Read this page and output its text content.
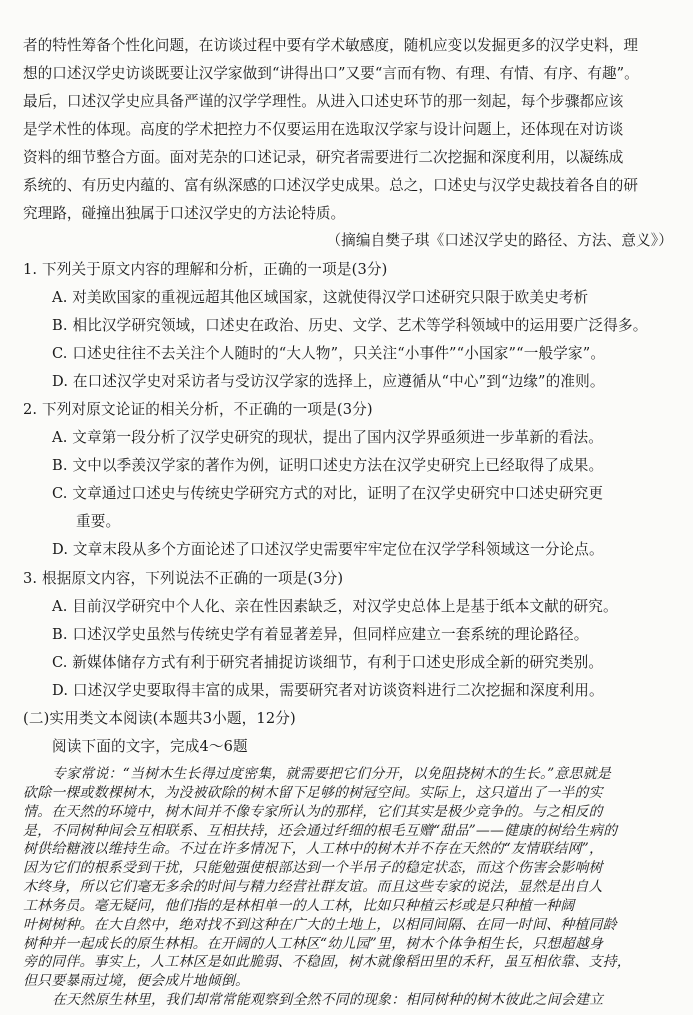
者的特性筹备个性化问题，在访谈过程中要有学术敏感度，随机应变以发掘更多的汉学史料，理
想的口述汉学史访谈既要让汉学家做到“讲得出口”又要“言而有物、有理、有情、有序、有趣”。
最后，口述汉学史应具备严谨的汉学学理性。从进入口述史环节的那一刻起，每个步骤都应该
是学术性的体现。高度的学术把控力不仅要运用在选取汉学家与设计问题上，还体现在对访谈
资料的细节整合方面。面对芜杂的口述记录，研究者需要进行二次挖掘和深度利用，以凝练成
系统的、有历史内蕴的、富有纵深感的口述汉学史成果。总之，口述史与汉学史裁技着各自的研
究理路，碰撞出独属于口述汉学史的方法论特质。
（摘编自樊子琪《口述汉学史的路径、方法、意义》）
1. 下列关于原文内容的理解和分析，正确的一项是(3分)
A. 对美欧国家的重视远超其他区域国家，这就使得汉学口述研究只限于欧美史考析
B. 相比汉学研究领域，口述史在政治、历史、文学、艺术等学科领域中的运用要广泛得多。
C. 口述史往往不去关注个人随时的“大人物”，只关注“小事件”“小国家”“一般学家”。
D. 在口述汉学史对采访者与受访汉学家的选择上，应遵循从“中心”到“边缘”的准则。
2. 下列对原文论证的相关分析，不正确的一项是(3分)
A. 文章第一段分析了汉学史研究的现状，提出了国内汉学界亟须进一步革新的看法。
B. 文中以季羡汉学家的著作为例，证明口述史方法在汉学史研究上已经取得了成果。
C. 文章通过口述史与传统史学研究方式的对比，证明了在汉学史研究中口述史研究更
重要。
D. 文章末段从多个方面论述了口述汉学史需要牢牢定位在汉学学科领域这一分论点。
3. 根据原文内容，下列说法不正确的一项是(3分)
A. 目前汉学研究中个人化、亲在性因素缺乏，对汉学史总体上是基于纸本文献的研究。
B. 口述汉学史虽然与传统史学有着显著差异，但同样应建立一套系统的理论路径。
C. 新媒体储存方式有利于研究者捕捉访谈细节，有利于口述史形成全新的研究类别。
D. 口述汉学史要取得丰富的成果，需要研究者对访谈资料进行二次挖掘和深度利用。
(二)实用类文本阅读(本题共3小题，12分)
阅读下面的文字，完成4～6题
专家常说：“当树木生长得过度密集，就需要把它们分开，以免阻挠树木的生长。”意思就是
砍除一棵或数棵树木，为没被砍除的树木留下足够的树冠空间。实际上，这只道出了一半的实
情。在天然的环境中，树木间并不像专家所认为的那样，它们其实是极少竞争的。与之相反的
是，不同树种间会互相联系、互相扶持，还会通过纤细的根毛互赠“甜品”——健康的树给生病的
树供给糖液以维持生命。不过在许多情况下，人工林中的树木并不存在天然的“友情联结网”，
因为它们的根系受到干扰，只能勉强使根部达到一个半吊子的稳定状态，而这个伤害会影响树
木终身，所以它们毫无多余的时间与精力经营社群友谊。而且这些专家的说法，显然是出自人
工林务员。毫无疑问，他们指的是林相单一的人工林，比如只种植云杉或是只种植一种阔
叶树树种。在大自然中，绝对找不到这种在广大的土地上，以相同间隔、在同一时间、种植同龄
树种并一起成长的原生林相。在开阔的人工林区“幼儿园”里，树木个体争相生长，只想超越身
旁的同伴。事实上，人工林区是如此脆弱、不稳固，树木就像稻田里的禾秆，虽互相依靠、支持，
但只要暴雨过境，便会成片地倾倒。
在天然原生林里，我们却常常能观察到全然不同的现象：相同树种的树木彼此之间会建立
